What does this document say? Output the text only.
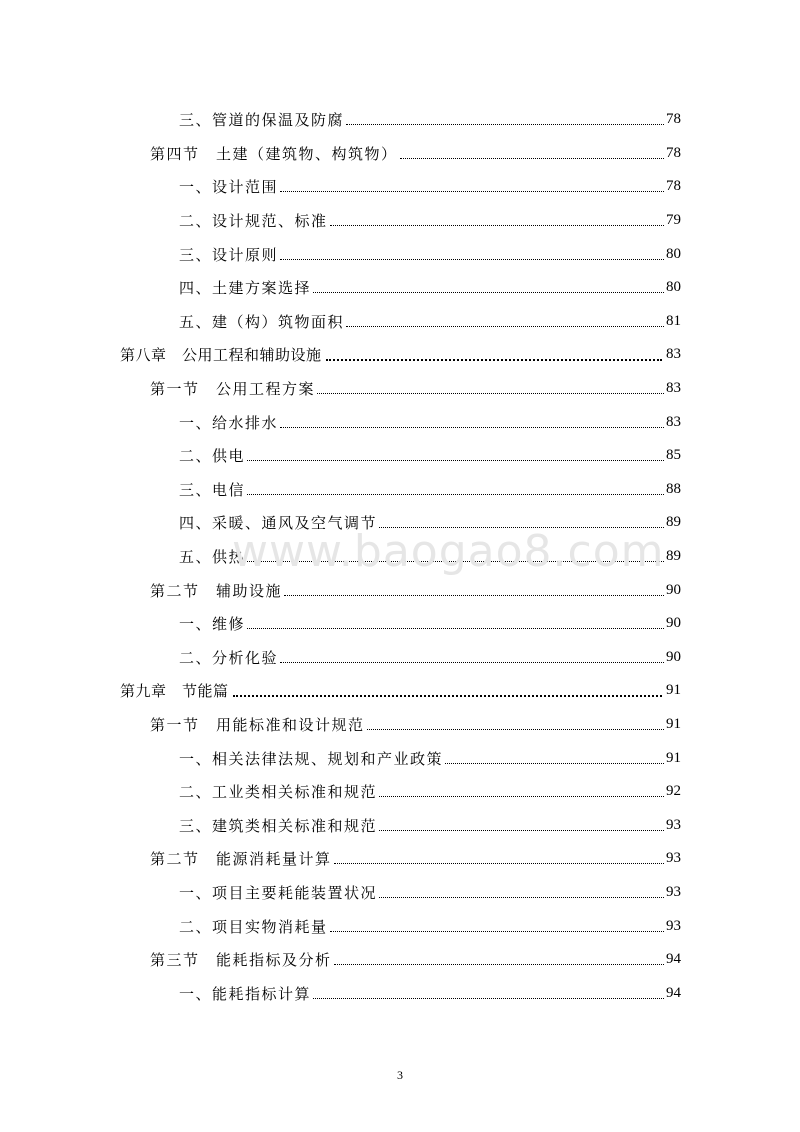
三、管道的保温及防腐	78
第四节　土建（建筑物、构筑物）	78
一、设计范围	78
二、设计规范、标准	79
三、设计原则	80
四、土建方案选择	80
五、建（构）筑物面积	81
第八章　公用工程和辅助设施	83
第一节　公用工程方案	83
一、给水排水	83
二、供电	85
三、电信	88
四、采暖、通风及空气调节	89
五、供热	89
第二节　辅助设施	90
一、维修	90
二、分析化验	90
第九章　节能篇	91
第一节　用能标准和设计规范	91
一、相关法律法规、规划和产业政策	91
二、工业类相关标准和规范	92
三、建筑类相关标准和规范	93
第二节　能源消耗量计算	93
一、项目主要耗能装置状况	93
二、项目实物消耗量	93
第三节　能耗指标及分析	94
一、能耗指标计算	94
www.baogao8.com
3
